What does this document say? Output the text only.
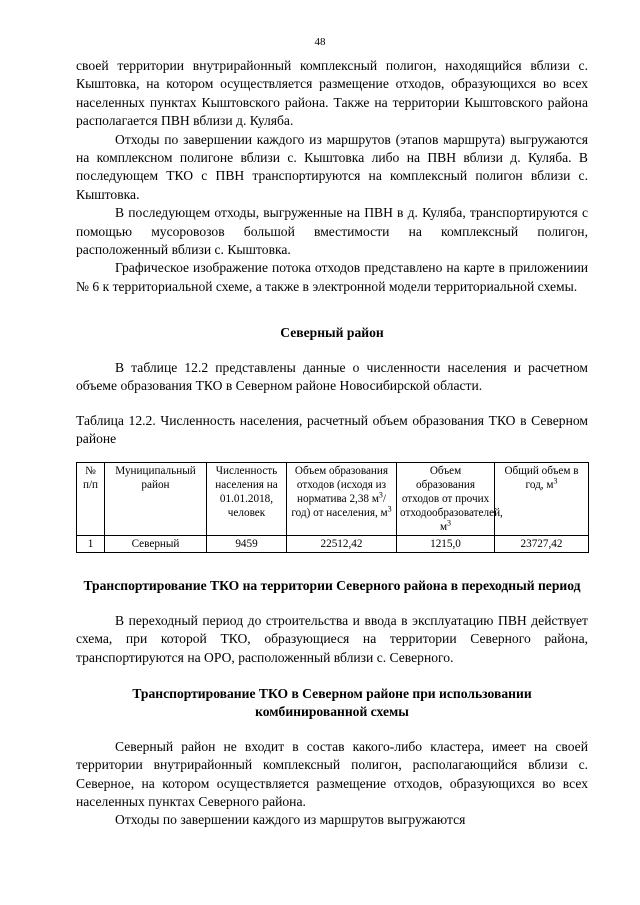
48

своей территории внутрирайонный комплексный полигон, находящийся вблизи с. Кыштовка, на котором осуществляется размещение отходов, образующихся во всех населенных пунктах Кыштовского района. Также на территории Кыштовского района располагается ПВН вблизи д. Куляба.

Отходы по завершении каждого из маршрутов (этапов маршрута) выгружаются на комплексном полигоне вблизи с. Кыштовка либо на ПВН вблизи д. Куляба. В последующем ТКО с ПВН транспортируются на комплексный полигон вблизи с. Кыштовка.

В последующем отходы, выгруженные на ПВН в д. Куляба, транспортируются с помощью мусоровозов большой вместимости на комплексный полигон, расположенный вблизи с. Кыштовка.

Графическое изображение потока отходов представлено на карте в приложениии № 6 к территориальной схеме, а также в электронной модели территориальной схемы.

Северный район

В таблице 12.2 представлены данные о численности населения и расчетном объеме образования ТКО в Северном районе Новосибирской области.

Таблица 12.2. Численность населения, расчетный объем образования ТКО в Северном районе

№ п/п	Муниципальный район	Численность населения на 01.01.2018, человек	Объем образования отходов (исходя из норматива 2,38 $м^3/год$) от населения, $м^3$	Объем образования отходов от прочих отходообразователей, $м^3$	Общий объем в год, $м^3$
1	Северный	9459	22512,42	1215,0	23727,42
Транспортирование ТКО на территории Северного района в переходный период

В переходный период до строительства и ввода в эксплуатацию ПВН действует схема, при которой ТКО, образующиеся на территории Северного района, транспортируются на ОРО, расположенный вблизи с. Северного.

Транспортирование ТКО в Северном районе при использовании комбинированной схемы

Северный район не входит в состав какого-либо кластера, имеет на своей территории внутрирайонный комплексный полигон, располагающийся вблизи с. Северное, на котором осуществляется размещение отходов, образующихся во всех населенных пунктах Северного района.

Отходы по завершении каждого из маршрутов выгружаются
